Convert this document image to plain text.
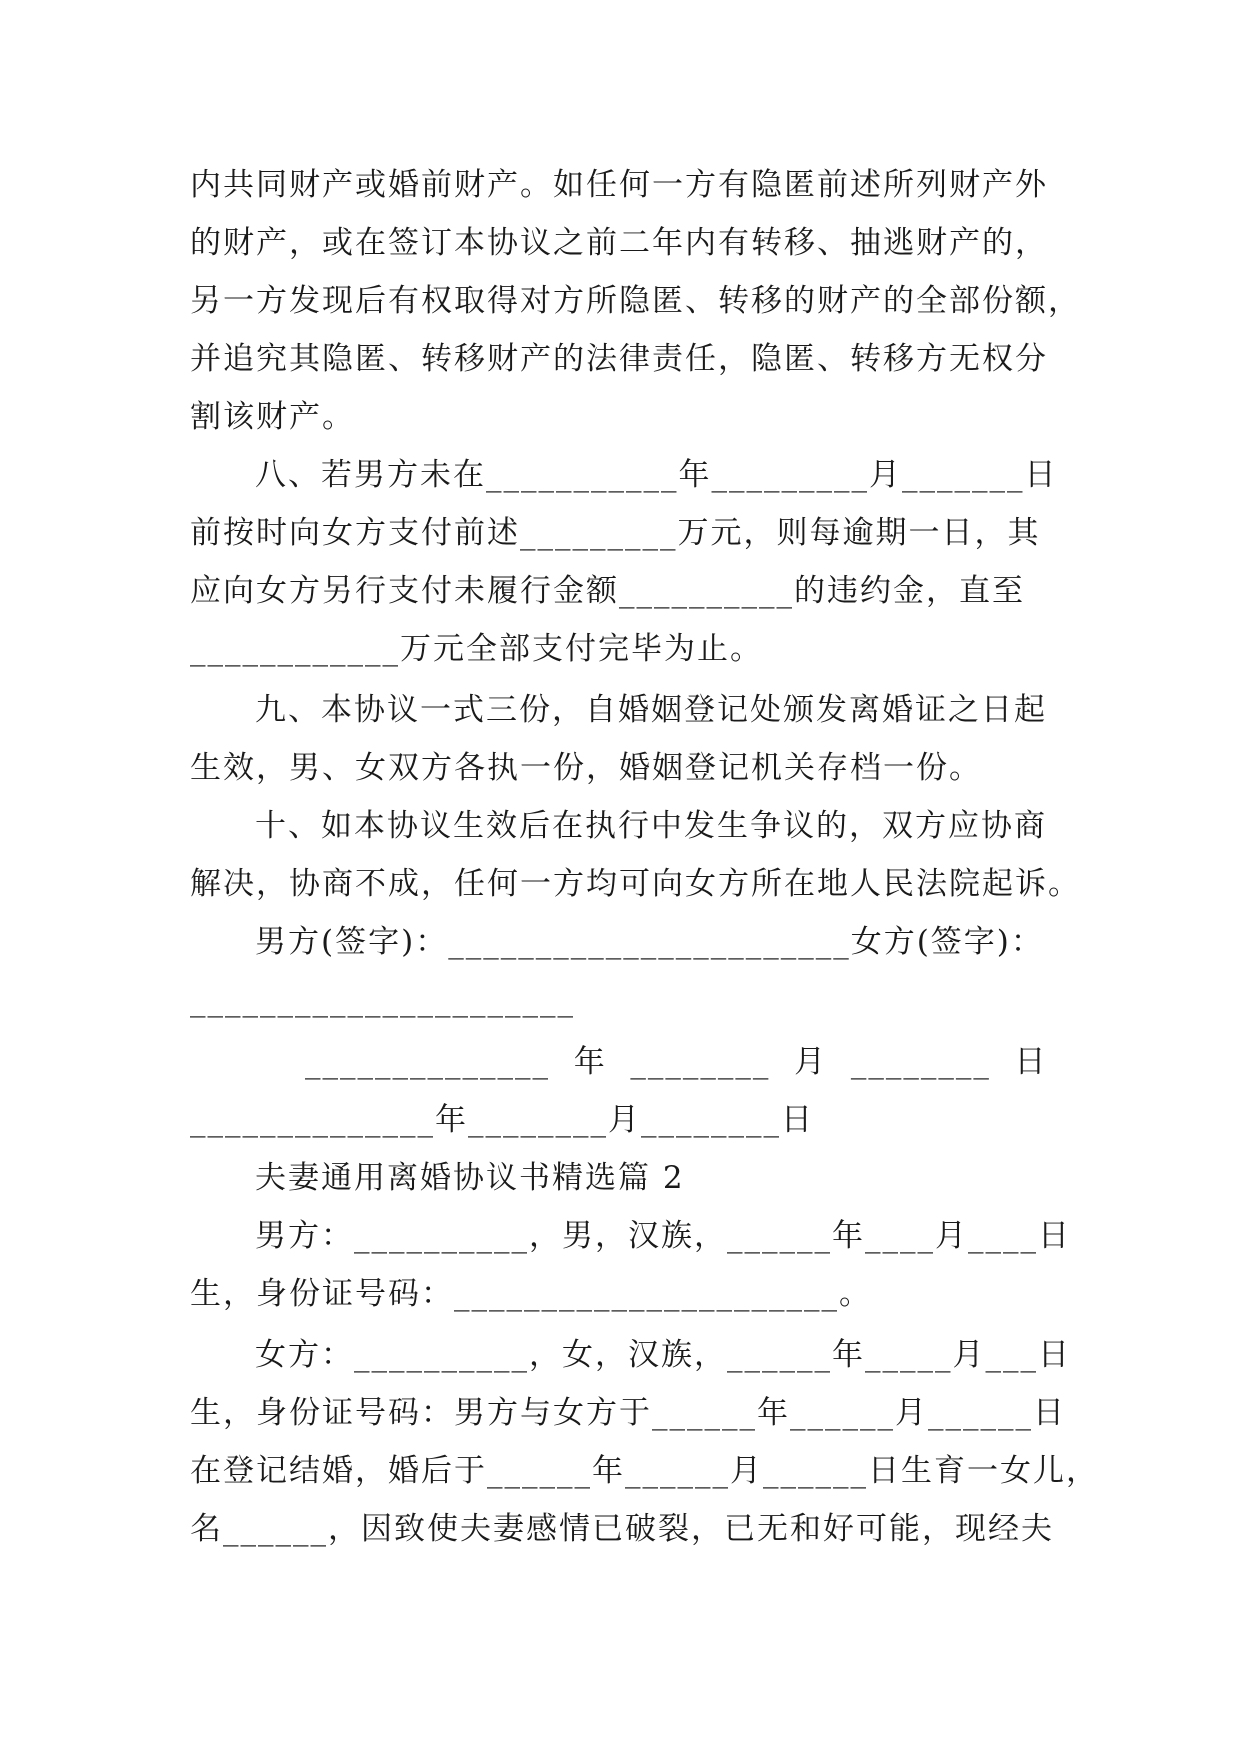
内共同财产或婚前财产。如任何一方有隐匿前述所列财产外
的财产，或在签订本协议之前二年内有转移、抽逃财产的，
另一方发现后有权取得对方所隐匿、转移的财产的全部份额，
并追究其隐匿、转移财产的法律责任，隐匿、转移方无权分
割该财产。
八、若男方未在___________年_________月_______日
前按时向女方支付前述_________万元，则每逾期一日，其
应向女方另行支付未履行金额__________的违约金，直至
____________万元全部支付完毕为止。
九、本协议一式三份，自婚姻登记处颁发离婚证之日起
生效，男、女双方各执一份，婚姻登记机关存档一份。
十、如本协议生效后在执行中发生争议的，双方应协商
解决，协商不成，任何一方均可向女方所在地人民法院起诉。
男方(签字)：_______________________女方(签字)：
______________________
______________  年  ________  月  ________  日
______________年________月________日
夫妻通用离婚协议书精选篇 2
男方：__________，男，汉族，______年____月____日
生，身份证号码：______________________。
女方：__________，女，汉族，______年_____月___日
生，身份证号码：男方与女方于______年______月______日
在登记结婚，婚后于______年______月______日生育一女儿，
名______，因致使夫妻感情已破裂，已无和好可能，现经夫
